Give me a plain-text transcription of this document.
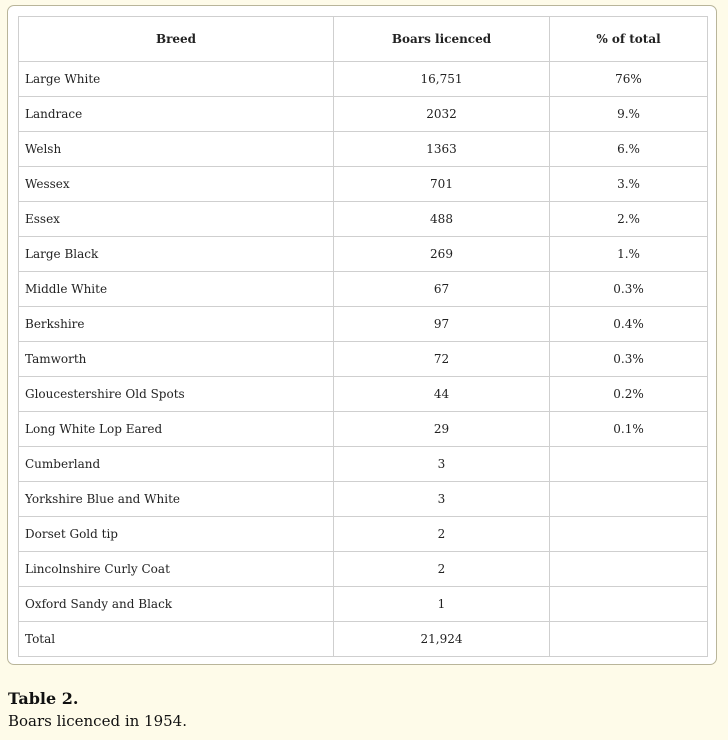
Breed	Boars licenced	% of total
Large White	16,751	76%
Landrace	2032	9.%
Welsh	1363	6.%
Wessex	701	3.%
Essex	488	2.%
Large Black	269	1.%
Middle White	67	0.3%
Berkshire	97	0.4%
Tamworth	72	0.3%
Gloucestershire Old Spots	44	0.2%
Long White Lop Eared	29	0.1%
Cumberland	3	
Yorkshire Blue and White	3	
Dorset Gold tip	2	
Lincolnshire Curly Coat	2	
Oxford Sandy and Black	1	
Total	21,924	
Table 2.
Boars licenced in 1954.
